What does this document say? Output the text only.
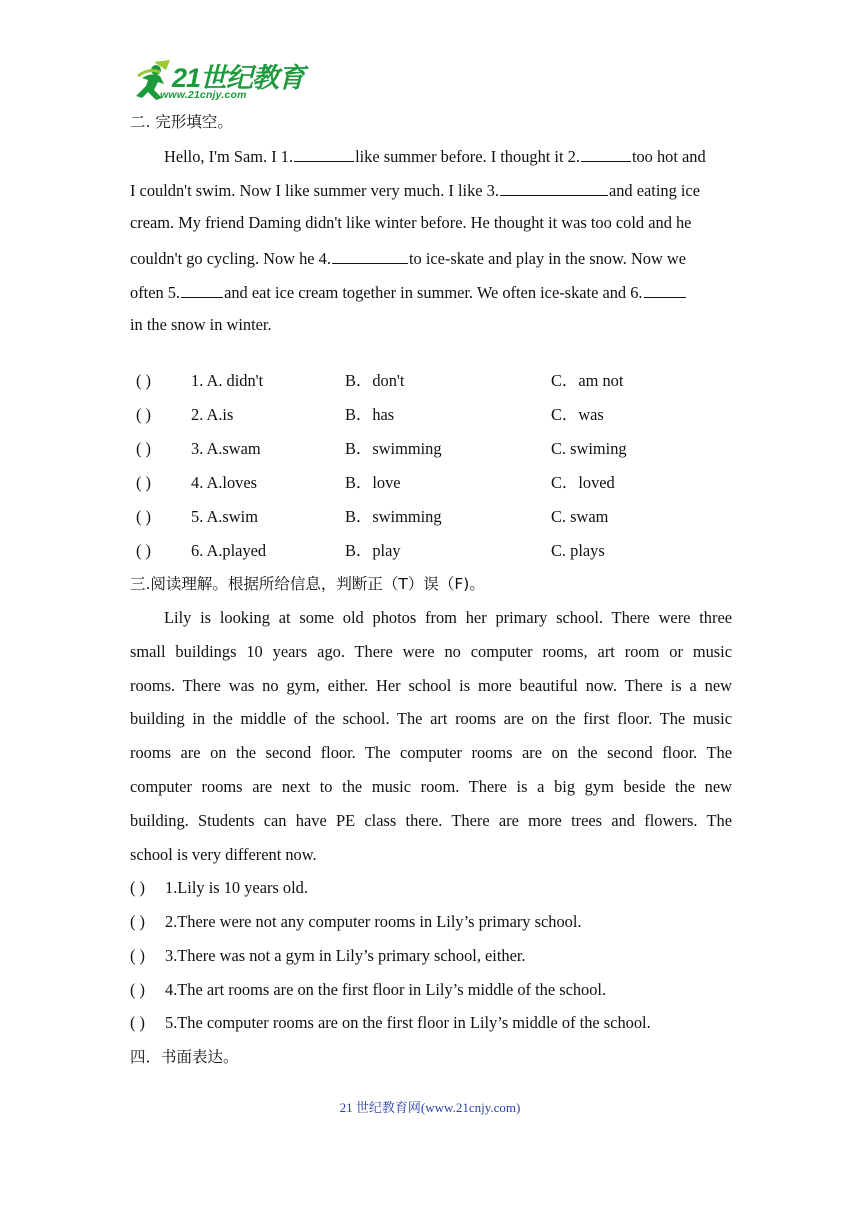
21世纪教育
www.21cnjy.com
二. 完形填空。
Hello, I'm Sam. I 1.	like summer before. I thought it 2.	too hot and
I couldn't swim. Now I like summer very much. I like 3.	and eating ice
cream. My friend Daming didn't like winter before. He thought it was too cold and he
couldn't go cycling. Now he 4.	to ice-skate and play in the snow. Now we
often 5.	and eat ice cream together in summer. We often ice-skate and 6.
in the snow in winter.
( ) 1. A. didn't	B．don't	C．am not
( ) 2. A.is	B．has	C．was
( ) 3. A.swam	B．swimming	C. swiming
( ) 4. A.loves	B．love	C．loved
( ) 5. A.swim	B．swimming	C. swam
( ) 6. A.played	B．play	C. plays
三.阅读理解。根据所给信息，判断正（T）误（F)。
Lily is looking at some old photos from her primary school. There were three
small buildings 10 years ago. There were no computer rooms, art room or music
rooms. There was no gym, either. Her school is more beautiful now. There is a new
building in the middle of the school. The art rooms are on the first floor. The music
rooms are on the second floor. The computer rooms are on the second floor. The
computer rooms are next to the music room. There is a big gym beside the new
building. Students can have PE class there. There are more trees and flowers. The
school is very different now.
( ) 1.Lily is 10 years old.
( ) 2.There were not any computer rooms in Lily’s primary school.
( ) 3.There was not a gym in Lily’s primary school, either.
( ) 4.The art rooms are on the first floor in Lily’s middle of the school.
( ) 5.The computer rooms are on the first floor in Lily’s middle of the school.
四．书面表达。
21 世纪教育网(www.21cnjy.com)
